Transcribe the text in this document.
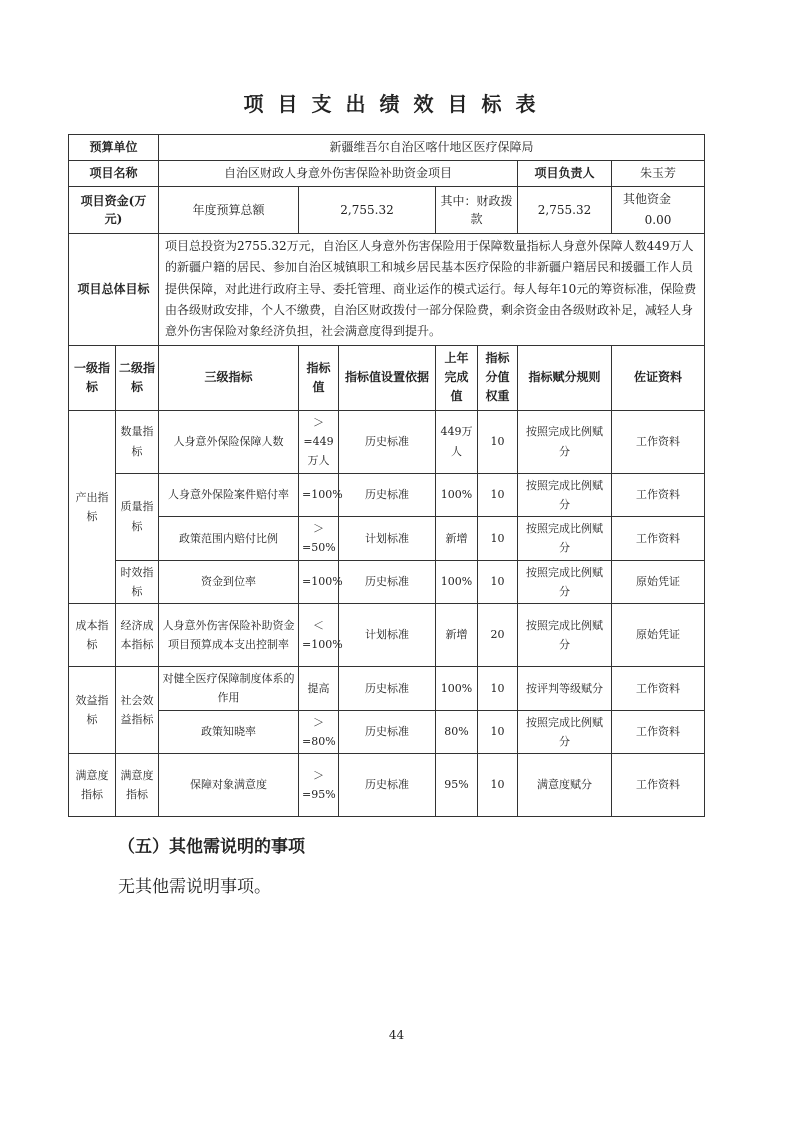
项目支出绩效目标表
预算单位		新疆维吾尔自治区喀什地区医疗保障局						
项目名称		自治区财政人身意外伤害保险补助资金项目					项目负责人	朱玉芳
项目资金(万元)		年度预算总额	2,755.32		其中：财政拨款		2,755.32	其他资金0.00
项目总体目标		项目总投资为2755.32万元，自治区人身意外伤害保险用于保障数量指标人身意外保障人数449万人的新疆户籍的居民、参加自治区城镇职工和城乡居民基本医疗保险的非新疆户籍居民和援疆工作人员提供保障，对此进行政府主导、委托管理、商业运作的模式运行。每人每年10元的筹资标准，保险费由各级财政安排，个人不缴费，自治区财政拨付一部分保险费，剩余资金由各级财政补足，减轻人身意外伤害保险对象经济负担，社会满意度得到提升。						
一级指标	二级指标	三级指标	指标值	指标值设置依据	上年完成值	指标分值权重	指标赋分规则	佐证资料
产出指标	数量指标	人身意外保险保障人数	＞=449万人	历史标准	449万人	10	按照完成比例赋分	工作资料
	质量指标	人身意外保险案件赔付率	=100%	历史标准	100%	10	按照完成比例赋分	工作资料
		政策范围内赔付比例	＞=50%	计划标准	新增	10	按照完成比例赋分	工作资料
	时效指标	资金到位率	=100%	历史标准	100%	10	按照完成比例赋分	原始凭证
成本指标	经济成本指标	人身意外伤害保险补助资金项目预算成本支出控制率	＜=100%	计划标准	新增	20	按照完成比例赋分	原始凭证
效益指标	社会效益指标	对健全医疗保障制度体系的作用	提高	历史标准	100%	10	按评判等级赋分	工作资料
		政策知晓率	＞=80%	历史标准	80%	10	按照完成比例赋分	工作资料
满意度指标	满意度指标	保障对象满意度	＞=95%	历史标准	95%	10	满意度赋分	工作资料
（五）其他需说明的事项
无其他需说明事项。
44
